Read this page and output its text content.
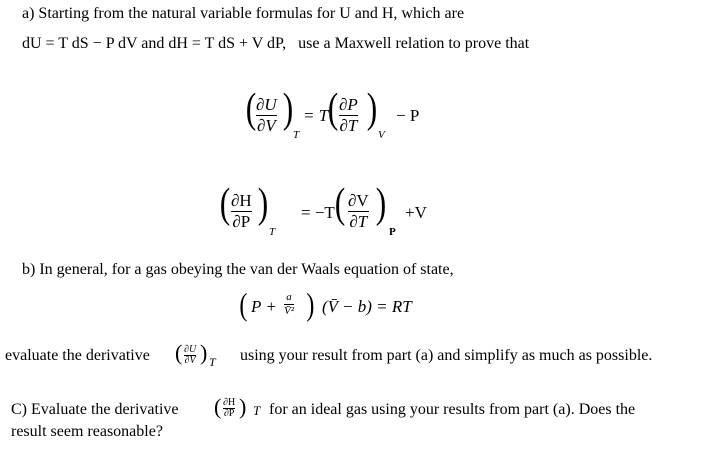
a) Starting from the natural variable formulas for U and H, which are
dU = T dS − P dV and dH = T dS + V dP, use a Maxwell relation to prove that
( ∂U
∂V )
T
= T ( ∂P
∂T )
V
− P
( ∂H
∂P )
T
= −T ( ∂V
∂T )
P
+V
b) In general, for a gas obeying the van der Waals equation of state,
( P + a
V̄² ) (V̄ − b) = RT
evaluate the derivative ( ∂U
∂V ) T using your result from part (a) and simplify as much as possible.
C) Evaluate the derivative ( ∂H
∂P ) T for an ideal gas using your results from part (a). Does the
result seem reasonable?
